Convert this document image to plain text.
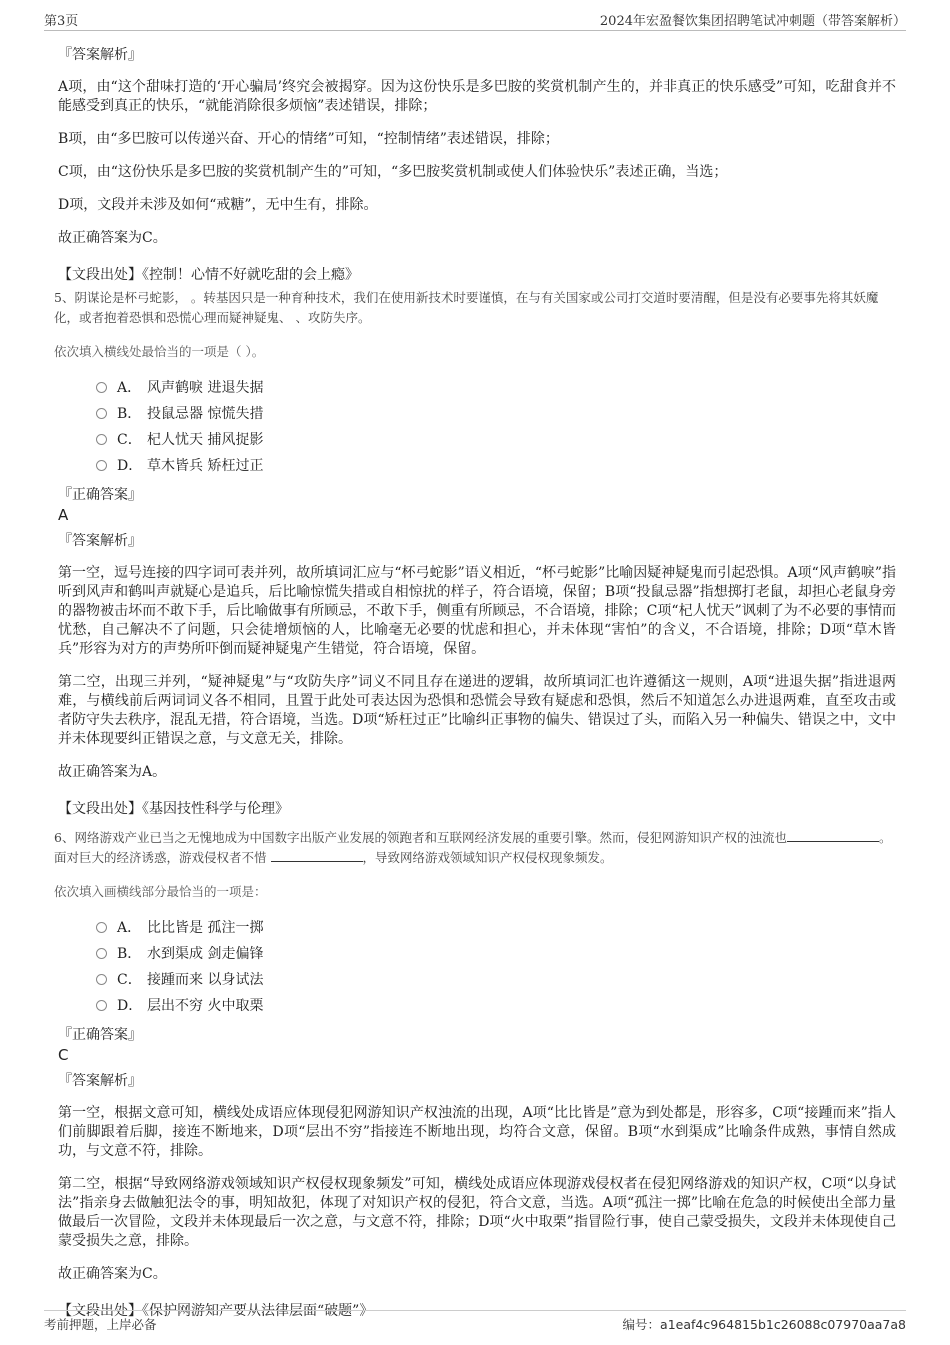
第3页	2024年宏盈餐饮集团招聘笔试冲刺题（带答案解析）
『答案解析』

A项，由“这个甜味打造的‘开心骗局’终究会被揭穿。因为这份快乐是多巴胺的奖赏机制产生的，并非真正的快乐感受”可知，吃甜食并不能感受到真正的快乐，“就能消除很多烦恼”表述错误，排除；

B项，由“多巴胺可以传递兴奋、开心的情绪”可知，“控制情绪”表述错误，排除；

C项，由“这份快乐是多巴胺的奖赏机制产生的”可知，“多巴胺奖赏机制或使人们体验快乐”表述正确，当选；

D项，文段并未涉及如何“戒糖”，无中生有，排除。

故正确答案为C。

【文段出处】《控制！心情不好就吃甜的会上瘾》
5、阴谋论是杯弓蛇影， 。转基因只是一种育种技术，我们在使用新技术时要谨慎，在与有关国家或公司打交道时要清醒，但是没有必要事先将其妖魔化，或者抱着恐惧和恐慌心理而疑神疑鬼、 、攻防失序。
依次填入横线处最恰当的一项是（ ）。
A． 风声鹤唳 进退失据
B． 投鼠忌器 惊慌失措
C． 杞人忧天 捕风捉影
D． 草木皆兵 矫枉过正
『正确答案』
A
『答案解析』

第一空，逗号连接的四字词可表并列，故所填词汇应与“杯弓蛇影”语义相近，“杯弓蛇影”比喻因疑神疑鬼而引起恐惧。A项“风声鹤唳”指听到风声和鹤叫声就疑心是追兵，后比喻惊慌失措或自相惊扰的样子，符合语境，保留；B项“投鼠忌器”指想掷打老鼠，却担心老鼠身旁的器物被击坏而不敢下手，后比喻做事有所顾忌，不敢下手，侧重有所顾忌，不合语境，排除；C项“杞人忧天”讽刺了为不必要的事情而忧愁，自己解决不了问题，只会徒增烦恼的人，比喻毫无必要的忧虑和担心，并未体现“害怕”的含义，不合语境，排除；D项“草木皆兵”形容为对方的声势所吓倒而疑神疑鬼产生错觉，符合语境，保留。

第二空，出现三并列，“疑神疑鬼”与“攻防失序”词义不同且存在递进的逻辑，故所填词汇也许遵循这一规则，A项“进退失据”指进退两难，与横线前后两词词义各不相同，且置于此处可表达因为恐惧和恐慌会导致有疑虑和恐惧，然后不知道怎么办进退两难，直至攻击或者防守失去秩序，混乱无措，符合语境，当选。D项“矫枉过正”比喻纠正事物的偏失、错误过了头，而陷入另一种偏失、错误之中，文中并未体现要纠正错误之意，与文意无关，排除。

故正确答案为A。

【文段出处】《基因技性科学与伦理》
6、网络游戏产业已当之无愧地成为中国数字出版产业发展的领跑者和互联网经济发展的重要引擎。然而，侵犯网游知识产权的浊流也	。面对巨大的经济诱惑，游戏侵权者不惜	，导致网络游戏领域知识产权侵权现象频发。
依次填入画横线部分最恰当的一项是：
A． 比比皆是 孤注一掷
B． 水到渠成 剑走偏锋
C． 接踵而来 以身试法
D． 层出不穷 火中取栗
『正确答案』
C
『答案解析』

第一空，根据文意可知，横线处成语应体现侵犯网游知识产权浊流的出现，A项“比比皆是”意为到处都是，形容多，C项“接踵而来”指人们前脚跟着后脚，接连不断地来，D项“层出不穷”指接连不断地出现，均符合文意，保留。B项“水到渠成”比喻条件成熟，事情自然成功，与文意不符，排除。

第二空，根据“导致网络游戏领域知识产权侵权现象频发”可知，横线处成语应体现游戏侵权者在侵犯网络游戏的知识产权，C项“以身试法”指亲身去做触犯法令的事，明知故犯，体现了对知识产权的侵犯，符合文意，当选。A项“孤注一掷”比喻在危急的时候使出全部力量做最后一次冒险，文段并未体现最后一次之意，与文意不符，排除；D项“火中取栗”指冒险行事，使自己蒙受损失，文段并未体现使自己蒙受损失之意，排除。

故正确答案为C。

【文段出处】《保护网游知产要从法律层面“破题”》
考前押题，上岸必备	编号：a1eaf4c964815b1c26088c07970aa7a8
